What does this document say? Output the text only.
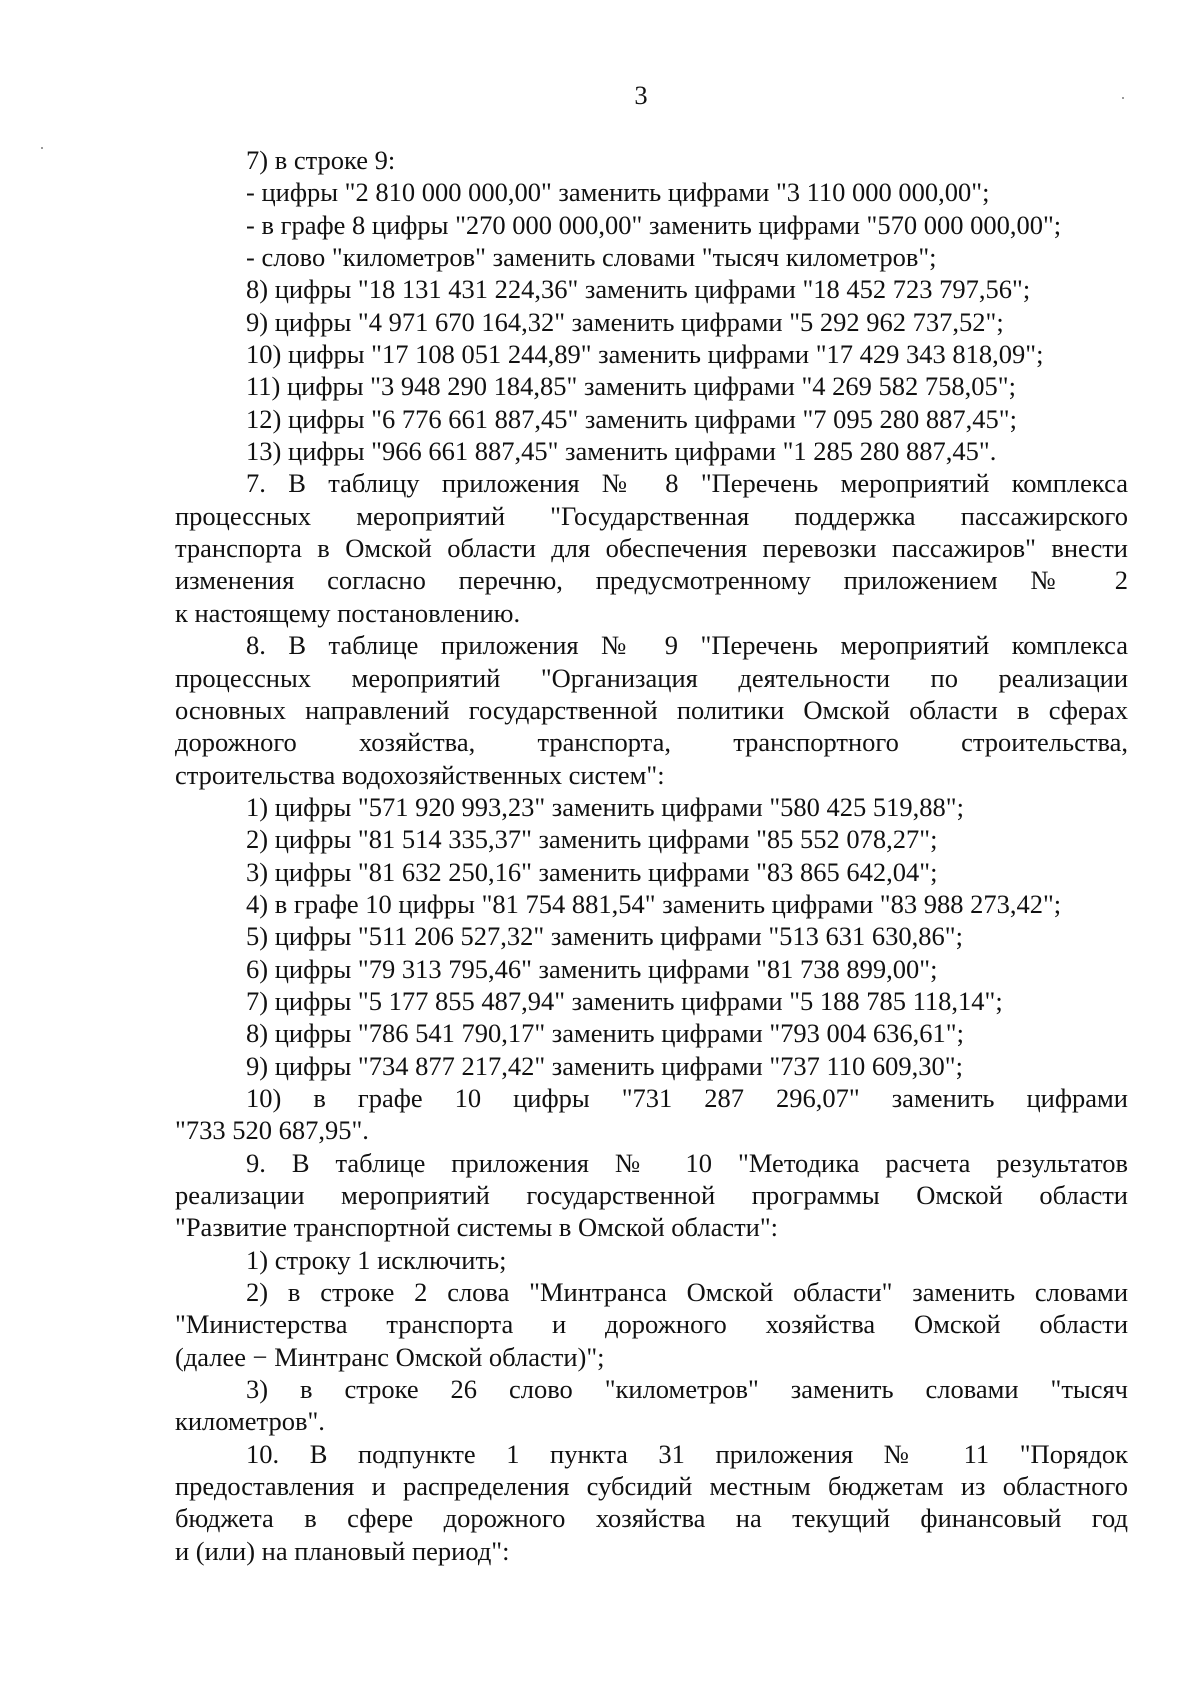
3
7) в строке 9:
- цифры "2 810 000 000,00" заменить цифрами "3 110 000 000,00";
- в графе 8 цифры "270 000 000,00" заменить цифрами "570 000 000,00";
- слово "километров" заменить словами "тысяч километров";
8) цифры "18 131 431 224,36" заменить цифрами "18 452 723 797,56";
9) цифры "4 971 670 164,32" заменить цифрами "5 292 962 737,52";
10) цифры "17 108 051 244,89" заменить цифрами "17 429 343 818,09";
11) цифры "3 948 290 184,85" заменить цифрами "4 269 582 758,05";
12) цифры "6 776 661 887,45" заменить цифрами "7 095 280 887,45";
13) цифры "966 661 887,45" заменить цифрами "1 285 280 887,45".
7. В таблицу приложения № 8 "Перечень мероприятий комплекса
процессных мероприятий "Государственная поддержка пассажирского
транспорта в Омской области для обеспечения перевозки пассажиров" внести
изменения согласно перечню, предусмотренному приложением № 2
к настоящему постановлению.
8. В таблице приложения № 9 "Перечень мероприятий комплекса
процессных мероприятий "Организация деятельности по реализации
основных направлений государственной политики Омской области в сферах
дорожного хозяйства, транспорта, транспортного строительства,
строительства водохозяйственных систем":
1) цифры "571 920 993,23" заменить цифрами "580 425 519,88";
2) цифры "81 514 335,37" заменить цифрами "85 552 078,27";
3) цифры "81 632 250,16" заменить цифрами "83 865 642,04";
4) в графе 10 цифры "81 754 881,54" заменить цифрами "83 988 273,42";
5) цифры "511 206 527,32" заменить цифрами "513 631 630,86";
6) цифры "79 313 795,46" заменить цифрами "81 738 899,00";
7) цифры "5 177 855 487,94" заменить цифрами "5 188 785 118,14";
8) цифры "786 541 790,17" заменить цифрами "793 004 636,61";
9) цифры "734 877 217,42" заменить цифрами "737 110 609,30";
10) в графе 10 цифры "731 287 296,07" заменить цифрами
"733 520 687,95".
9. В таблице приложения № 10 "Методика расчета результатов
реализации мероприятий государственной программы Омской области
"Развитие транспортной системы в Омской области":
1) строку 1 исключить;
2) в строке 2 слова "Минтранса Омской области" заменить словами
"Министерства транспорта и дорожного хозяйства Омской области
(далее − Минтранс Омской области)";
3) в строке 26 слово "километров" заменить словами "тысяч
километров".
10. В подпункте 1 пункта 31 приложения № 11 "Порядок
предоставления и распределения субсидий местным бюджетам из областного
бюджета в сфере дорожного хозяйства на текущий финансовый год
и (или) на плановый период":
